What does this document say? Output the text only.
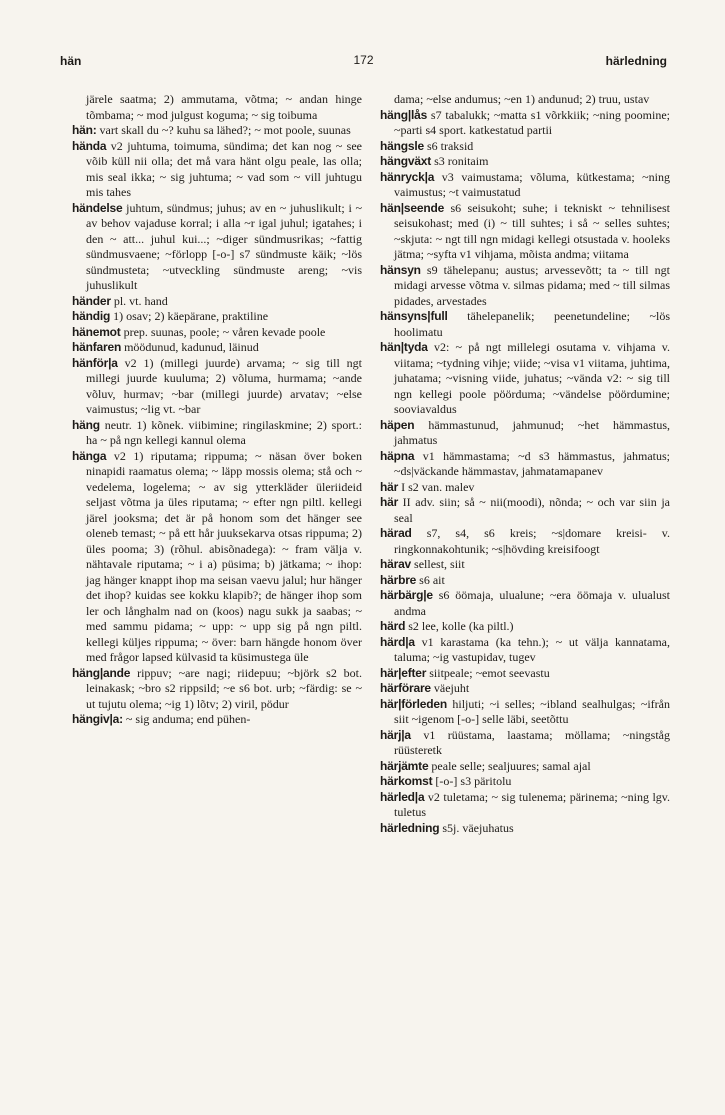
hän	172	härledning

järele saatma; 2) ammutama, võtma; ~ andan hinge tõmbama; ~ mod julgust koguma; ~ sig toibuma

hän: vart skall du ~? kuhu sa lähed?; ~ mot poole, suunas

hända v2 juhtuma, toimuma, sündima; det kan nog ~ see võib küll nii olla; det må vara hänt olgu peale, las olla; mis seal ikka; ~ sig juhtuma; ~ vad som ~ vill juhtugu mis tahes

händelse juhtum, sündmus; juhus; av en ~ juhuslikult; i ~ av behov vajaduse korral; i alla ~r igal juhul; igatahes; i den ~ att... juhul kui...; ~diger sündmusrikas; ~fattig sündmusvaene; ~förlopp [-o-] s7 sündmuste käik; ~lös sündmusteta; ~utveckling sündmuste areng; ~vis juhuslikult

händer pl. vt. hand

händig 1) osav; 2) käepärane, praktiline

hänemot prep. suunas, poole; ~ våren kevade poole

hänfaren möödunud, kadunud, läinud

hänför|a v2 1) (millegi juurde) arvama; ~ sig till ngt millegi juurde kuuluma; 2) võluma, hurmama; ~ande võluv, hurmav; ~bar (millegi juurde) arvatav; ~else vaimustus; ~lig vt. ~bar

häng neutr. 1) kõnek. viibimine; ringilaskmine; 2) sport.: ha ~ på ngn kellegi kannul olema

hänga v2 1) riputama; rippuma; ~ näsan över boken ninapidi raamatus olema; ~ läpp mossis olema; stå och ~ vedelema, logelema; ~ av sig ytterkläder üleriideid seljast võtma ja üles riputama; ~ efter ngn piltl. kellegi järel jooksma; det är på honom som det hänger see oleneb temast; ~ på ett hår juuksekarva otsas rippuma; 2) üles pooma; 3) (rõhul. abisõnadega): ~ fram välja v. nähtavale riputama; ~ i a) püsima; b) jätkama; ~ ihop: jag hänger knappt ihop ma seisan vaevu jalul; hur hänger det ihop? kuidas see kokku klapib?; de hänger ihop som ler och långhalm nad on (koos) nagu sukk ja saabas; ~ med sammu pidama; ~ upp: ~ upp sig på ngn piltl. kellegi küljes rippuma; ~ över: barn hängde honom över med frågor lapsed külvasid ta küsimustega üle

häng|ande rippuv; ~are nagi; riidepuu; ~björk s2 bot. leinakask; ~bro s2 rippsild; ~e s6 bot. urb; ~färdig: se ~ ut tujutu olema; ~ig 1) lõtv; 2) viril, pödur

hängiv|a: ~ sig anduma; end pühen-

dama; ~else andumus; ~en 1) andunud; 2) truu, ustav

häng|lås s7 tabalukk; ~matta s1 võrkkiik; ~ning poomine; ~parti s4 sport. katkestatud partii

hängsle s6 traksid

hängväxt s3 ronitaim

hänryck|a v3 vaimustama; võluma, kütkestama; ~ning vaimustus; ~t vaimustatud

hän|seende s6 seisukoht; suhe; i tekniskt ~ tehnilisest seisukohast; med (i) ~ till suhtes; i så ~ selles suhtes; ~skjuta: ~ ngt till ngn midagi kellegi otsustada v. hooleks jätma; ~syfta v1 vihjama, mõista andma; viitama

hänsyn s9 tähelepanu; austus; arvessevõtt; ta ~ till ngt midagi arvesse võtma v. silmas pidama; med ~ till silmas pidades, arvestades

hänsyns|full tähelepanelik; peenetundeline; ~lös hoolimatu

hän|tyda v2: ~ på ngt millelegi osutama v. vihjama v. viitama; ~tydning vihje; viide; ~visa v1 viitama, juhtima, juhatama; ~visning viide, juhatus; ~vända v2: ~ sig till ngn kellegi poole pöörduma; ~vändelse pöördumine; sooviavaldus

häpen hämmastunud, jahmunud; ~het hämmastus, jahmatus

häpna v1 hämmastama; ~d s3 hämmastus, jahmatus; ~ds|väckande hämmastav, jahmatamapanev

här I s2 van. malev

här II adv. siin; så ~ nii(moodi), nõnda; ~ och var siin ja seal

härad s7, s4, s6 kreis; ~s|domare kreisi- v. ringkonnakohtunik; ~s|hövding kreisifoogt

härav sellest, siit

härbre s6 ait

härbärg|e s6 öömaja, ulualune; ~era öömaja v. ulualust andma

härd s2 lee, kolle (ka piltl.)

härd|a v1 karastama (ka tehn.); ~ ut välja kannatama, taluma; ~ig vastupidav, tugev

här|efter siitpeale; ~emot seevastu

härförare väejuht

här|förleden hiljuti; ~i selles; ~ibland sealhulgas; ~ifrån siit ~igenom [-o-] selle läbi, seetõttu

härj|a v1 rüüstama, laastama; möllama; ~ningståg rüüsteretk

härjämte peale selle; sealjuures; samal ajal

härkomst [-o-] s3 päritolu

härled|a v2 tuletama; ~ sig tulenema; pärinema; ~ning lgv. tuletus

härledning s5j. väejuhatus
